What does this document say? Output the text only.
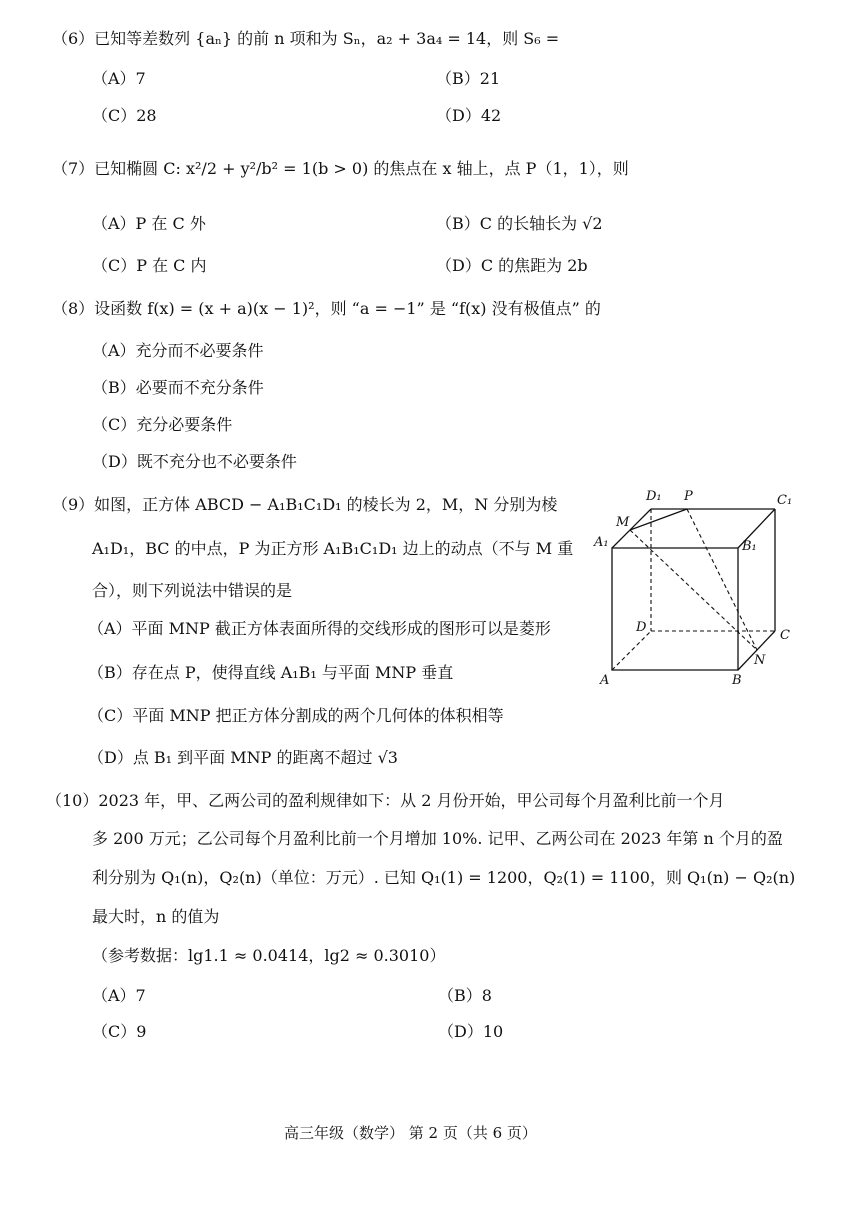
（6）已知等差数列 {aₙ} 的前 n 项和为 Sₙ，a₂ + 3a₄ = 14，则 S₆ =
（A）7	（B）21
（C）28	（D）42
（7）已知椭圆 C: x²/2 + y²/b² = 1(b > 0) 的焦点在 x 轴上，点 P（1，1），则
（A）P 在 C 外	（B）C 的长轴长为 √2
（C）P 在 C 内	（D）C 的焦距为 2b
（8）设函数 f(x) = (x + a)(x − 1)²，则 “a = −1” 是 “f(x) 没有极值点” 的
（A）充分而不必要条件
（B）必要而不充分条件
（C）充分必要条件
（D）既不充分也不必要条件
（9）如图，正方体 ABCD − A₁B₁C₁D₁ 的棱长为 2，M，N 分别为棱
A₁D₁，BC 的中点，P 为正方形 A₁B₁C₁D₁ 边上的动点（不与 M 重
合），则下列说法中错误的是
（A）平面 MNP 截正方体表面所得的交线形成的图形可以是菱形
（B）存在点 P，使得直线 A₁B₁ 与平面 MNP 垂直
（C）平面 MNP 把正方体分割成的两个几何体的体积相等
（D）点 B₁ 到平面 MNP 的距离不超过 √3
D₁ P	C₁
M
A₁	B₁
D
C
N
A	B
（10）2023 年，甲、乙两公司的盈利规律如下：从 2 月份开始，甲公司每个月盈利比前一个月
多 200 万元；乙公司每个月盈利比前一个月增加 10%. 记甲、乙两公司在 2023 年第 n 个月的盈
利分别为 Q₁(n)，Q₂(n)（单位：万元）. 已知 Q₁(1) = 1200，Q₂(1) = 1100，则 Q₁(n) − Q₂(n)
最大时，n 的值为
（参考数据：lg1.1 ≈ 0.0414，lg2 ≈ 0.3010）
（A）7	（B）8
（C）9	（D）10
高三年级（数学） 第 2 页（共 6 页）
